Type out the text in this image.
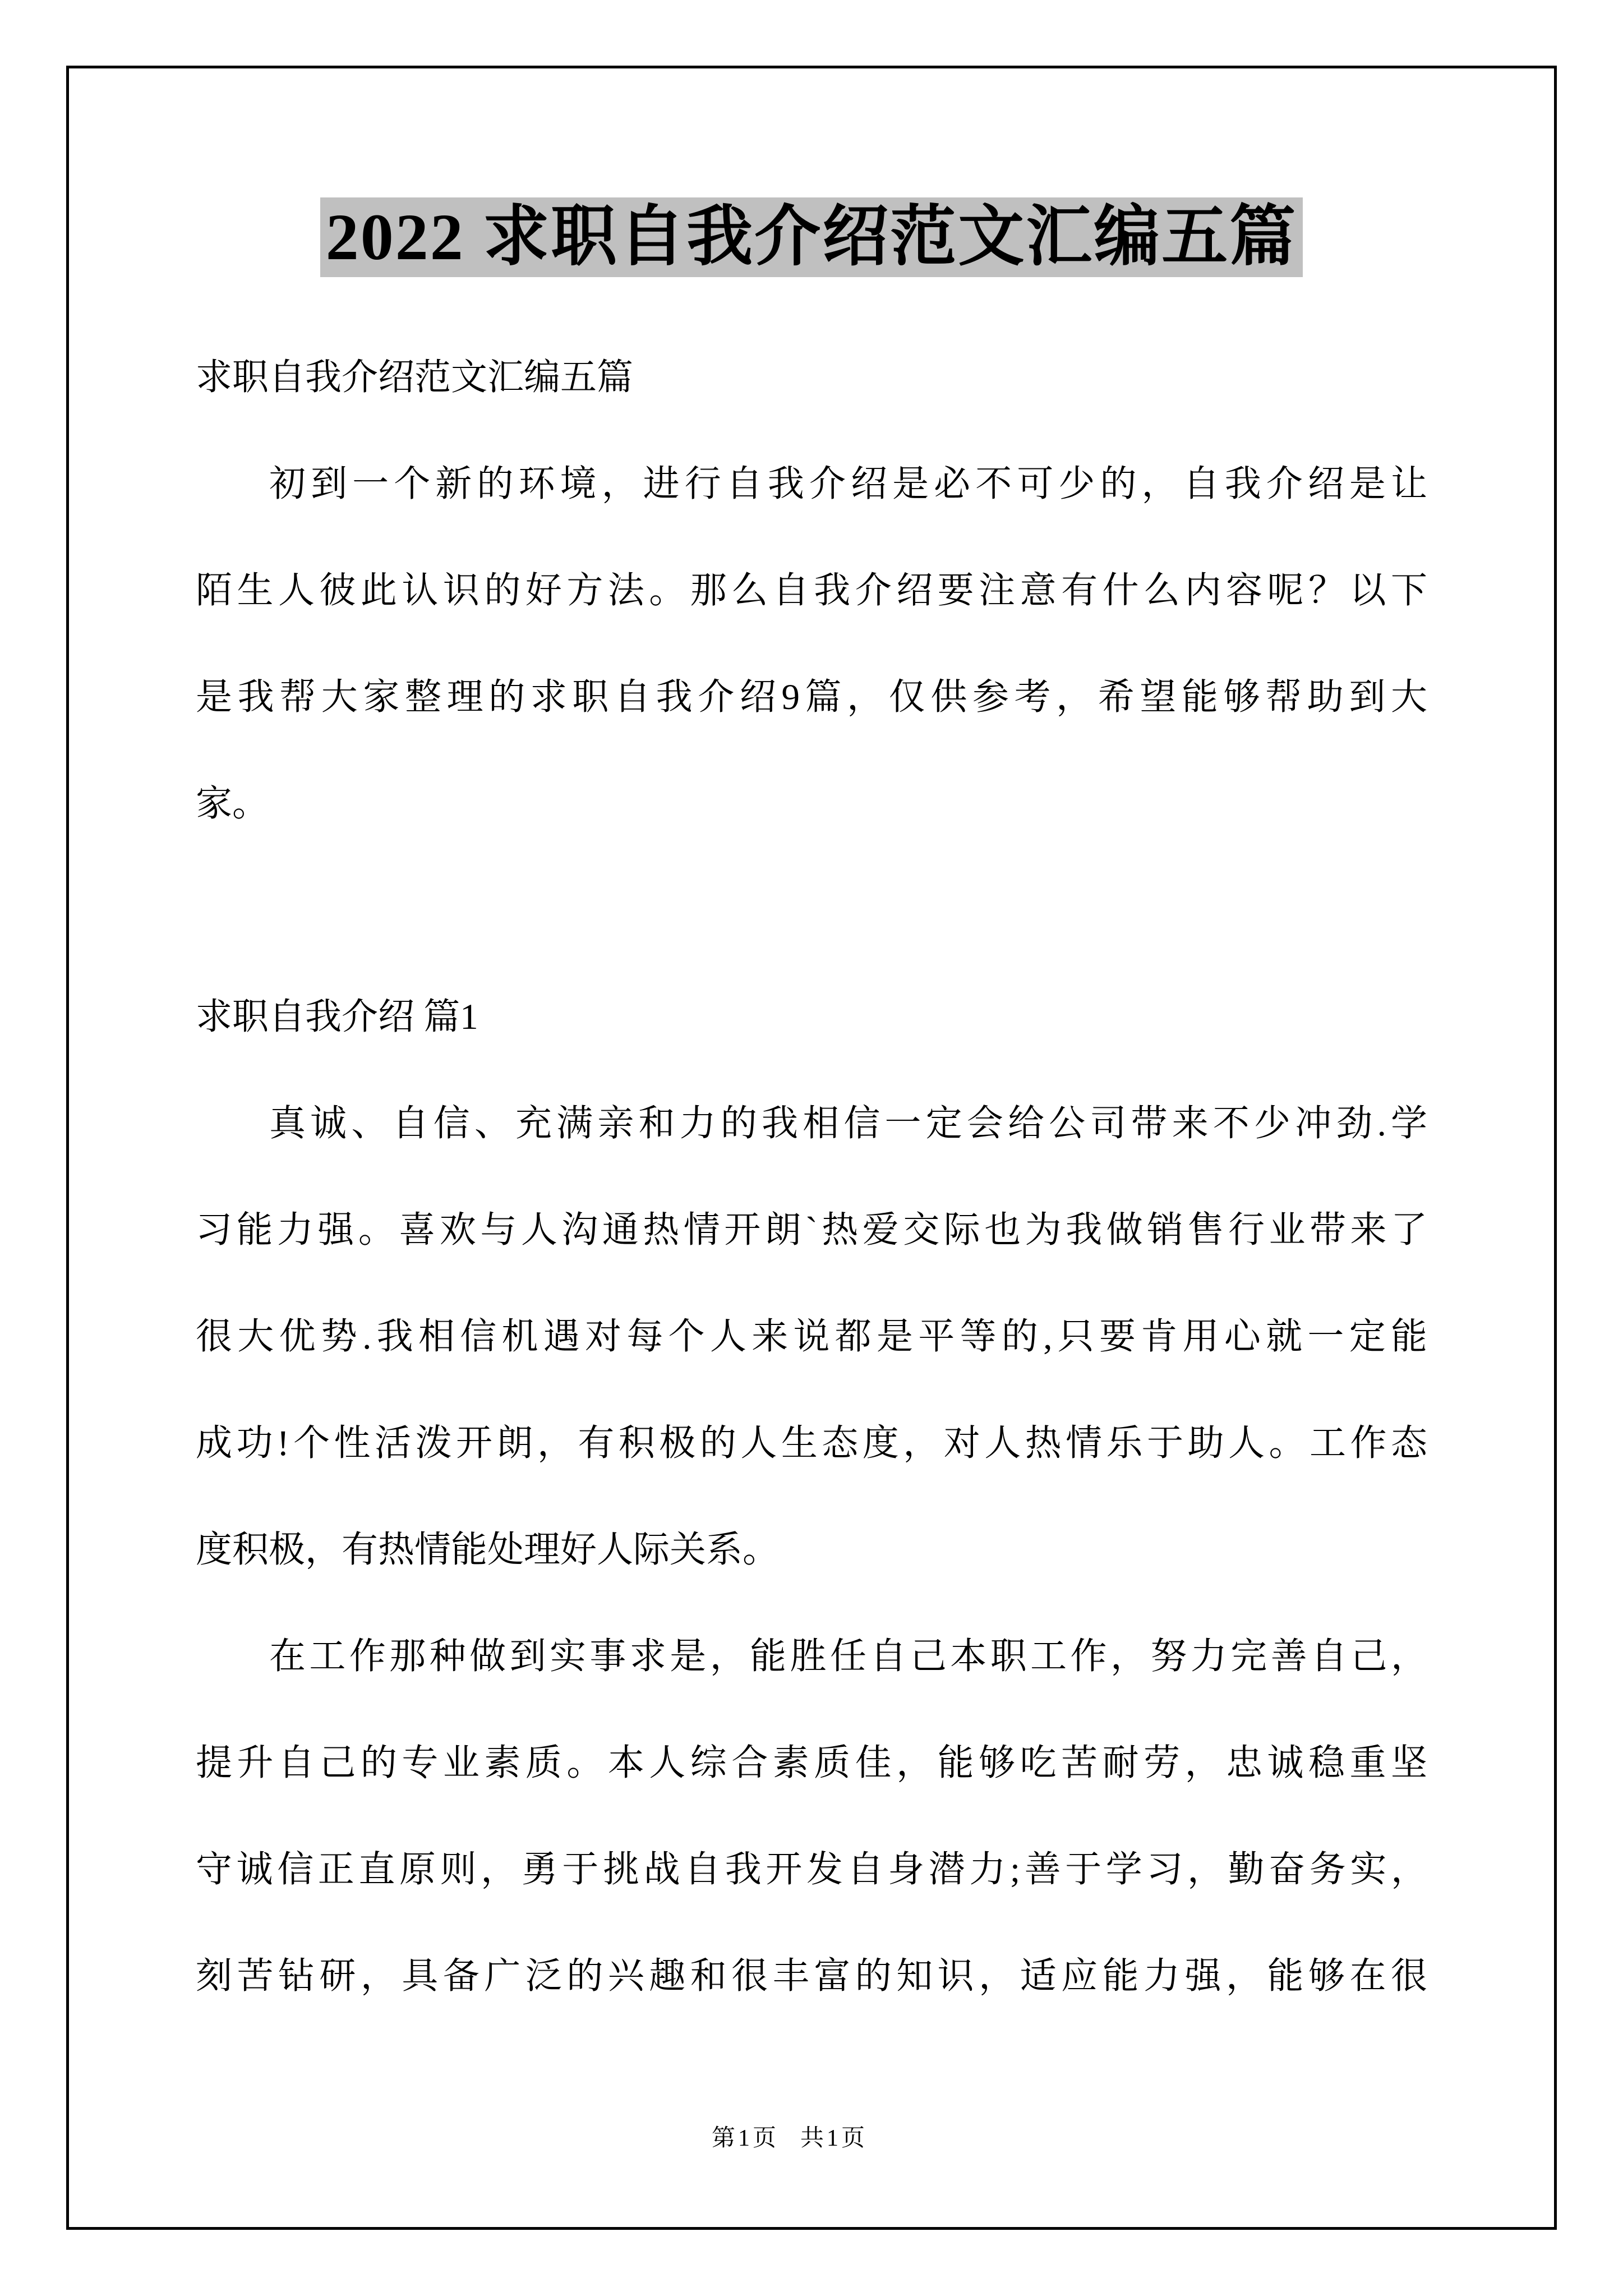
2022 求职自我介绍范文汇编五篇
求职自我介绍范文汇编五篇
初到一个新的环境，进行自我介绍是必不可少的，自我介绍是让
陌生人彼此认识的好方法。那么自我介绍要注意有什么内容呢？以下
是我帮大家整理的求职自我介绍9篇，仅供参考，希望能够帮助到大
家。
求职自我介绍 篇1
真诚、自信、充满亲和力的我相信一定会给公司带来不少冲劲.学
习能力强。喜欢与人沟通热情开朗`热爱交际也为我做销售行业带来了
很大优势.我相信机遇对每个人来说都是平等的,只要肯用心就一定能
成功!个性活泼开朗，有积极的人生态度，对人热情乐于助人。工作态
度积极，有热情能处理好人际关系。
在工作那种做到实事求是，能胜任自己本职工作，努力完善自己，
提升自己的专业素质。本人综合素质佳，能够吃苦耐劳，忠诚稳重坚
守诚信正直原则，勇于挑战自我开发自身潜力;善于学习，勤奋务实，
刻苦钻研，具备广泛的兴趣和很丰富的知识，适应能力强，能够在很
第1页 共1页
